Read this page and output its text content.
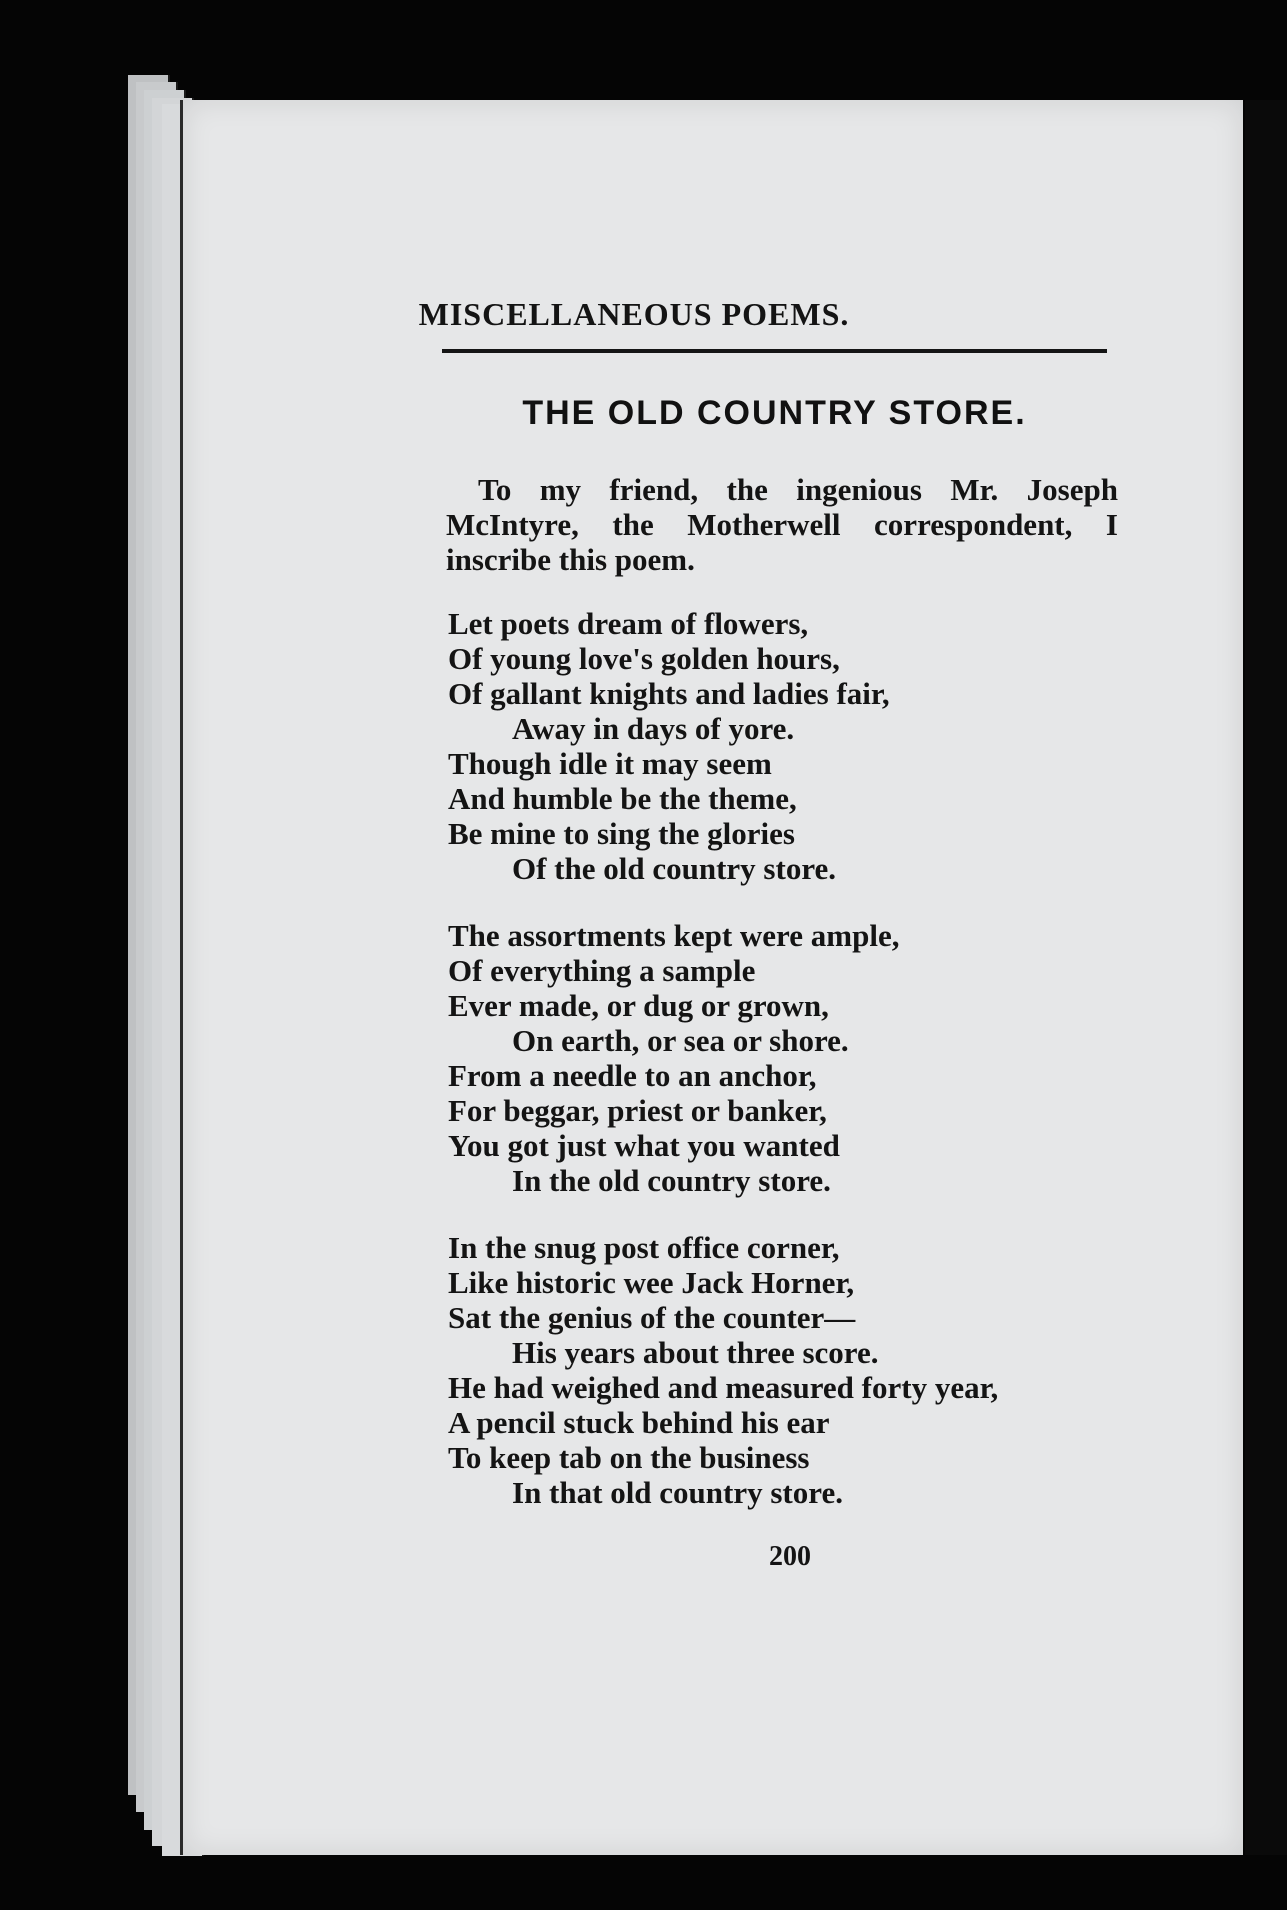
MISCELLANEOUS POEMS.
THE OLD COUNTRY STORE.
To my friend, the ingenious Mr. Joseph McIntyre, the Motherwell correspondent, I inscribe this poem.
Let poets dream of flowers,
Of young love's golden hours,
Of gallant knights and ladies fair,
Away in days of yore.
Though idle it may seem
And humble be the theme,
Be mine to sing the glories
Of the old country store.
The assortments kept were ample,
Of everything a sample
Ever made, or dug or grown,
On earth, or sea or shore.
From a needle to an anchor,
For beggar, priest or banker,
You got just what you wanted
In the old country store.
In the snug post office corner,
Like historic wee Jack Horner,
Sat the genius of the counter—
His years about three score.
He had weighed and measured forty year,
A pencil stuck behind his ear
To keep tab on the business
In that old country store.
200
